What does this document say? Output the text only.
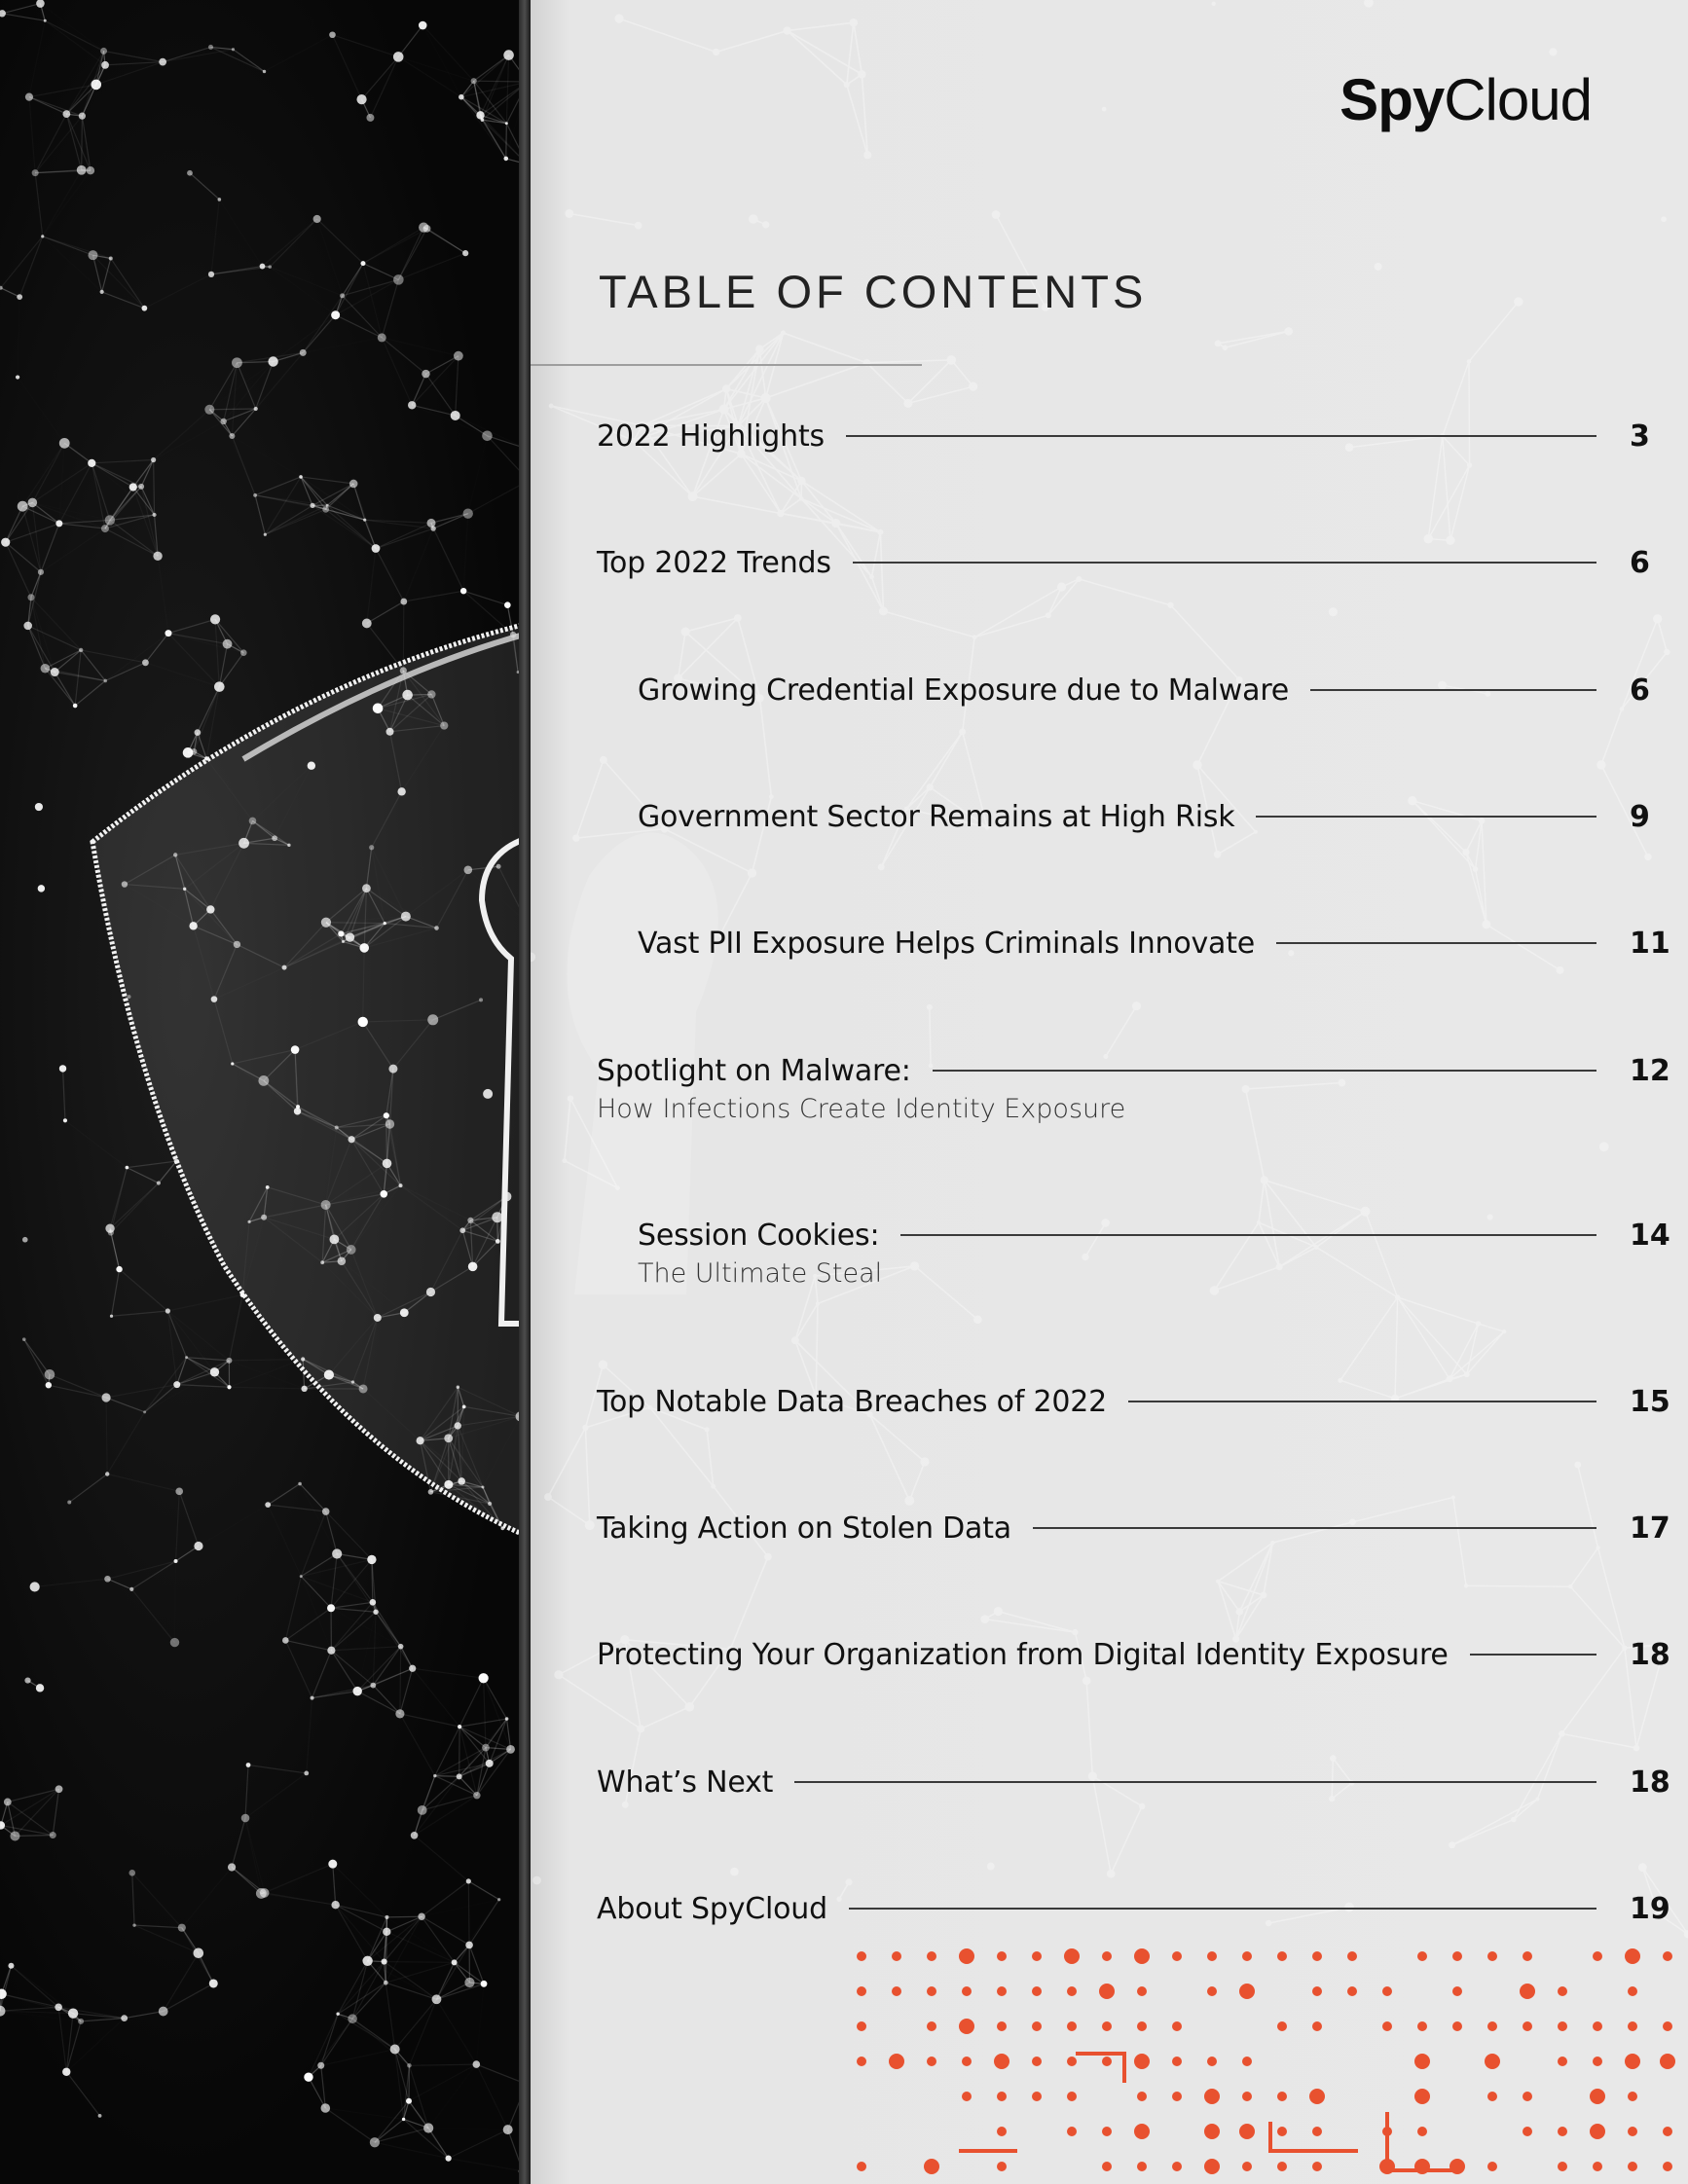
SpyCloud
TABLE OF CONTENTS
2022 Highlights	3
Top 2022 Trends	6
Growing Credential Exposure due to Malware	6
Government Sector Remains at High Risk	9
Vast PII Exposure Helps Criminals Innovate	11
Spotlight on Malware:	12
How Infections Create Identity Exposure
Session Cookies:	14
The Ultimate Steal
Top Notable Data Breaches of 2022	15
Taking Action on Stolen Data	17
Protecting Your Organization from Digital Identity Exposure	18
What’s Next	18
About SpyCloud	19
